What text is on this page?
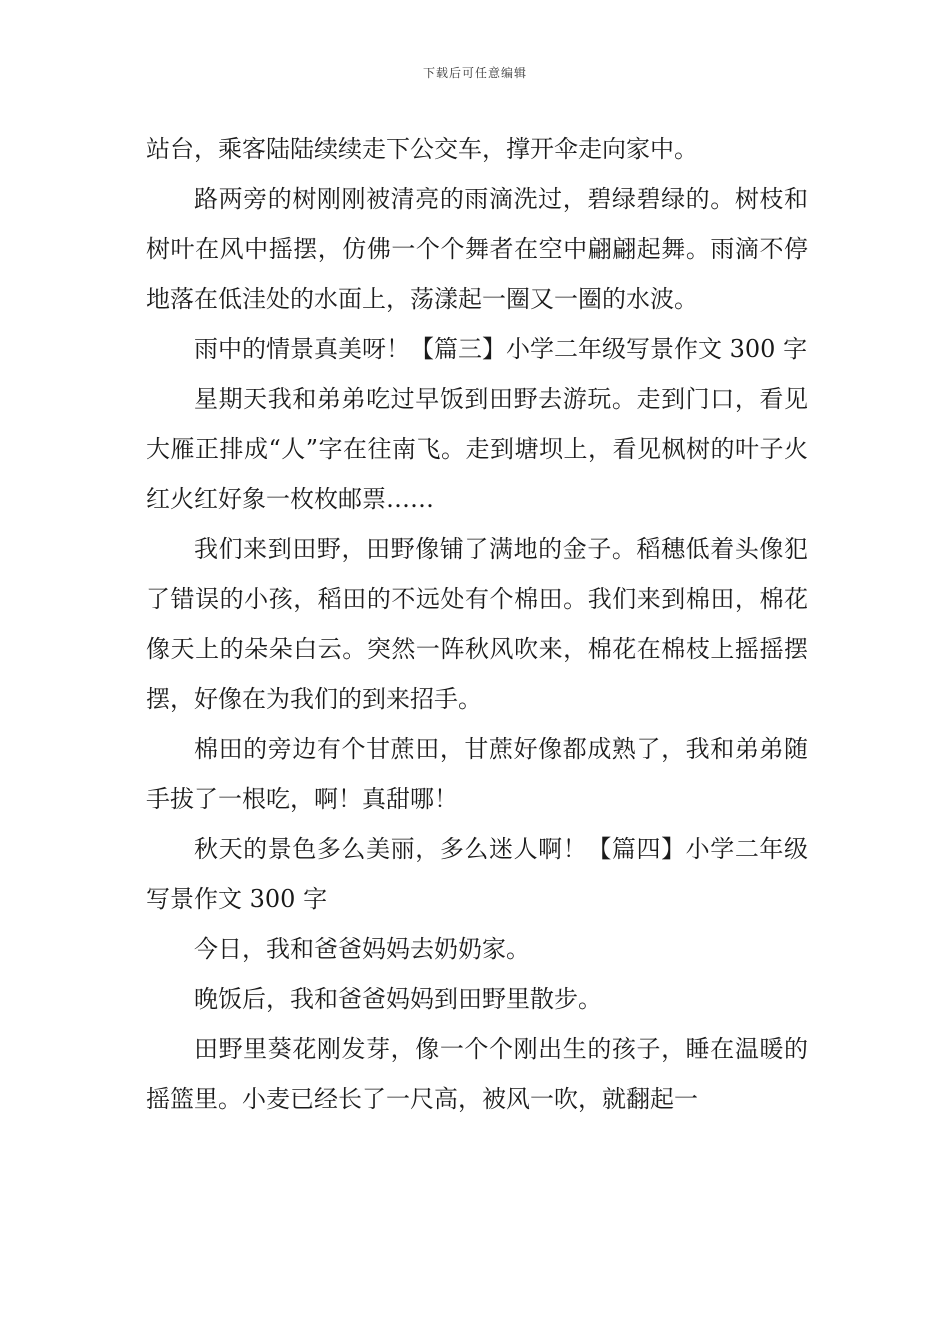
下载后可任意编辑

站台，乘客陆陆续续走下公交车，撑开伞走向家中。

路两旁的树刚刚被清亮的雨滴洗过，碧绿碧绿的。树枝和树叶在风中摇摆，仿佛一个个舞者在空中翩翩起舞。雨滴不停地落在低洼处的水面上，荡漾起一圈又一圈的水波。

雨中的情景真美呀！【篇三】小学二年级写景作文 300 字

星期天我和弟弟吃过早饭到田野去游玩。走到门口，看见大雁正排成“人”字在往南飞。走到塘坝上，看见枫树的叶子火红火红好象一枚枚邮票……

我们来到田野，田野像铺了满地的金子。稻穗低着头像犯了错误的小孩，稻田的不远处有个棉田。我们来到棉田，棉花像天上的朵朵白云。突然一阵秋风吹来，棉花在棉枝上摇摇摆摆，好像在为我们的到来招手。

棉田的旁边有个甘蔗田，甘蔗好像都成熟了，我和弟弟随手拔了一根吃，啊！真甜哪！

秋天的景色多么美丽，多么迷人啊！【篇四】小学二年级写景作文 300 字

今日，我和爸爸妈妈去奶奶家。

晚饭后，我和爸爸妈妈到田野里散步。

田野里葵花刚发芽，像一个个刚出生的孩子，睡在温暖的摇篮里。小麦已经长了一尺高，被风一吹，就翻起一
